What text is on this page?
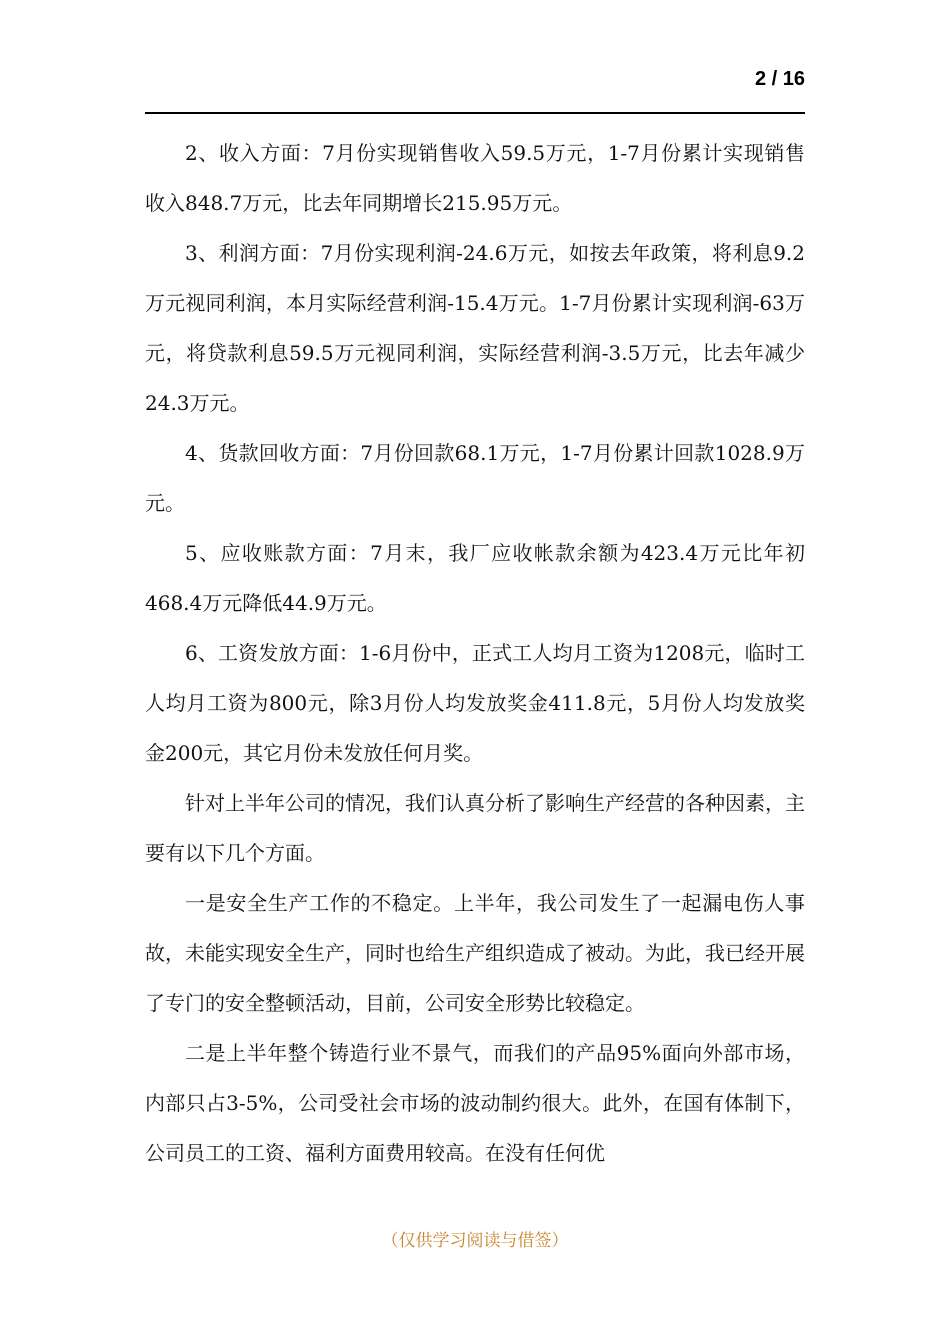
2 / 16

2、收入方面：7月份实现销售收入59.5万元，1-7月份累计实现销售收入848.7万元，比去年同期增长215.95万元。

3、利润方面：7月份实现利润-24.6万元，如按去年政策，将利息9.2万元视同利润，本月实际经营利润-15.4万元。1-7月份累计实现利润-63万元，将贷款利息59.5万元视同利润，实际经营利润-3.5万元，比去年减少24.3万元。

4、货款回收方面：7月份回款68.1万元，1-7月份累计回款1028.9万元。

5、应收账款方面：7月末，我厂应收帐款余额为423.4万元比年初468.4万元降低44.9万元。

6、工资发放方面：1-6月份中，正式工人均月工资为1208元，临时工人均月工资为800元，除3月份人均发放奖金411.8元，5月份人均发放奖金200元，其它月份未发放任何月奖。

针对上半年公司的情况，我们认真分析了影响生产经营的各种因素，主要有以下几个方面。

一是安全生产工作的不稳定。上半年，我公司发生了一起漏电伤人事故，未能实现安全生产，同时也给生产组织造成了被动。为此，我已经开展了专门的安全整顿活动，目前，公司安全形势比较稳定。

二是上半年整个铸造行业不景气，而我们的产品95%面向外部市场，内部只占3-5%，公司受社会市场的波动制约很大。此外，在国有体制下，公司员工的工资、福利方面费用较高。在没有任何优

（仅供学习阅读与借签）
